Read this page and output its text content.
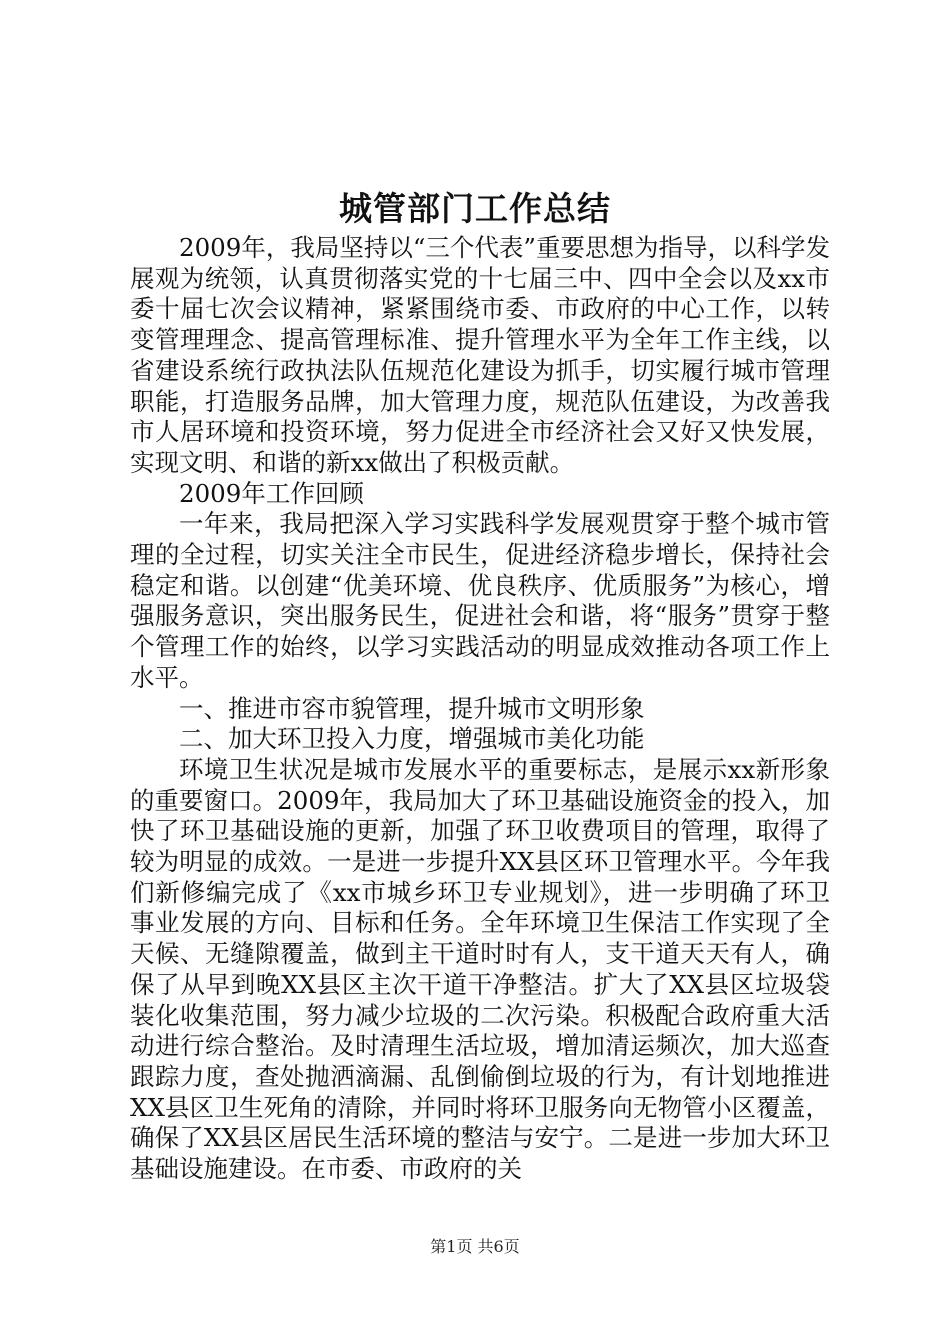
城管部门工作总结

2009年，我局坚持以“三个代表”重要思想为指导，以科学发展观为统领，认真贯彻落实党的十七届三中、四中全会以及xx市委十届七次会议精神，紧紧围绕市委、市政府的中心工作，以转变管理理念、提高管理标准、提升管理水平为全年工作主线，以省建设系统行政执法队伍规范化建设为抓手，切实履行城市管理职能，打造服务品牌，加大管理力度，规范队伍建设，为改善我市人居环境和投资环境，努力促进全市经济社会又好又快发展，实现文明、和谐的新xx做出了积极贡献。

2009年工作回顾

一年来，我局把深入学习实践科学发展观贯穿于整个城市管理的全过程，切实关注全市民生，促进经济稳步增长，保持社会稳定和谐。以创建“优美环境、优良秩序、优质服务”为核心，增强服务意识，突出服务民生，促进社会和谐，将“服务”贯穿于整个管理工作的始终，以学习实践活动的明显成效推动各项工作上水平。

一、推进市容市貌管理，提升城市文明形象

二、加大环卫投入力度，增强城市美化功能

环境卫生状况是城市发展水平的重要标志，是展示xx新形象的重要窗口。2009年，我局加大了环卫基础设施资金的投入，加快了环卫基础设施的更新，加强了环卫收费项目的管理，取得了较为明显的成效。一是进一步提升XX县区环卫管理水平。今年我们新修编完成了《xx市城乡环卫专业规划》，进一步明确了环卫事业发展的方向、目标和任务。全年环境卫生保洁工作实现了全天候、无缝隙覆盖，做到主干道时时有人，支干道天天有人，确保了从早到晚XX县区主次干道干净整洁。扩大了XX县区垃圾袋装化收集范围，努力减少垃圾的二次污染。积极配合政府重大活动进行综合整治。及时清理生活垃圾，增加清运频次，加大巡查跟踪力度，查处抛洒滴漏、乱倒偷倒垃圾的行为，有计划地推进XX县区卫生死角的清除，并同时将环卫服务向无物管小区覆盖，确保了XX县区居民生活环境的整洁与安宁。二是进一步加大环卫基础设施建设。在市委、市政府的关

第1页 共6页
